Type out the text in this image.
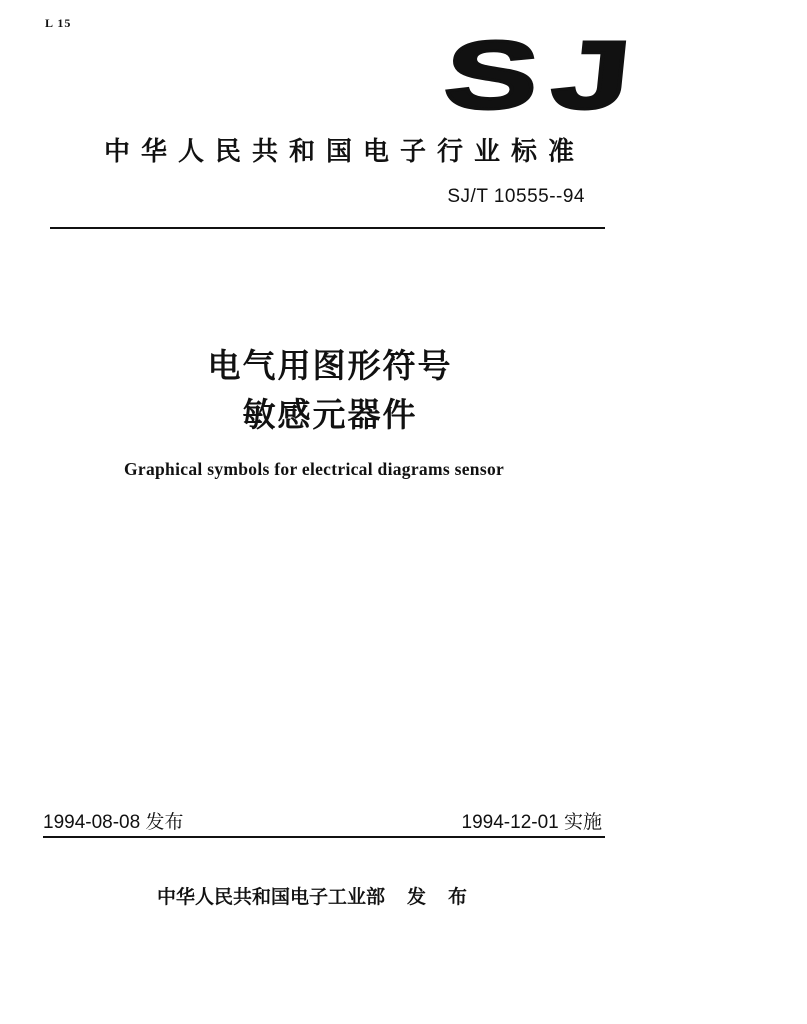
L 15	SJ
中华人民共和国电子行业标准
SJ/T 10555--94
电气用图形符号
敏感元器件
Graphical symbols for electrical diagrams sensor
1994-08-08 发布	1994-12-01 实施
中华人民共和国电子工业部 发布
